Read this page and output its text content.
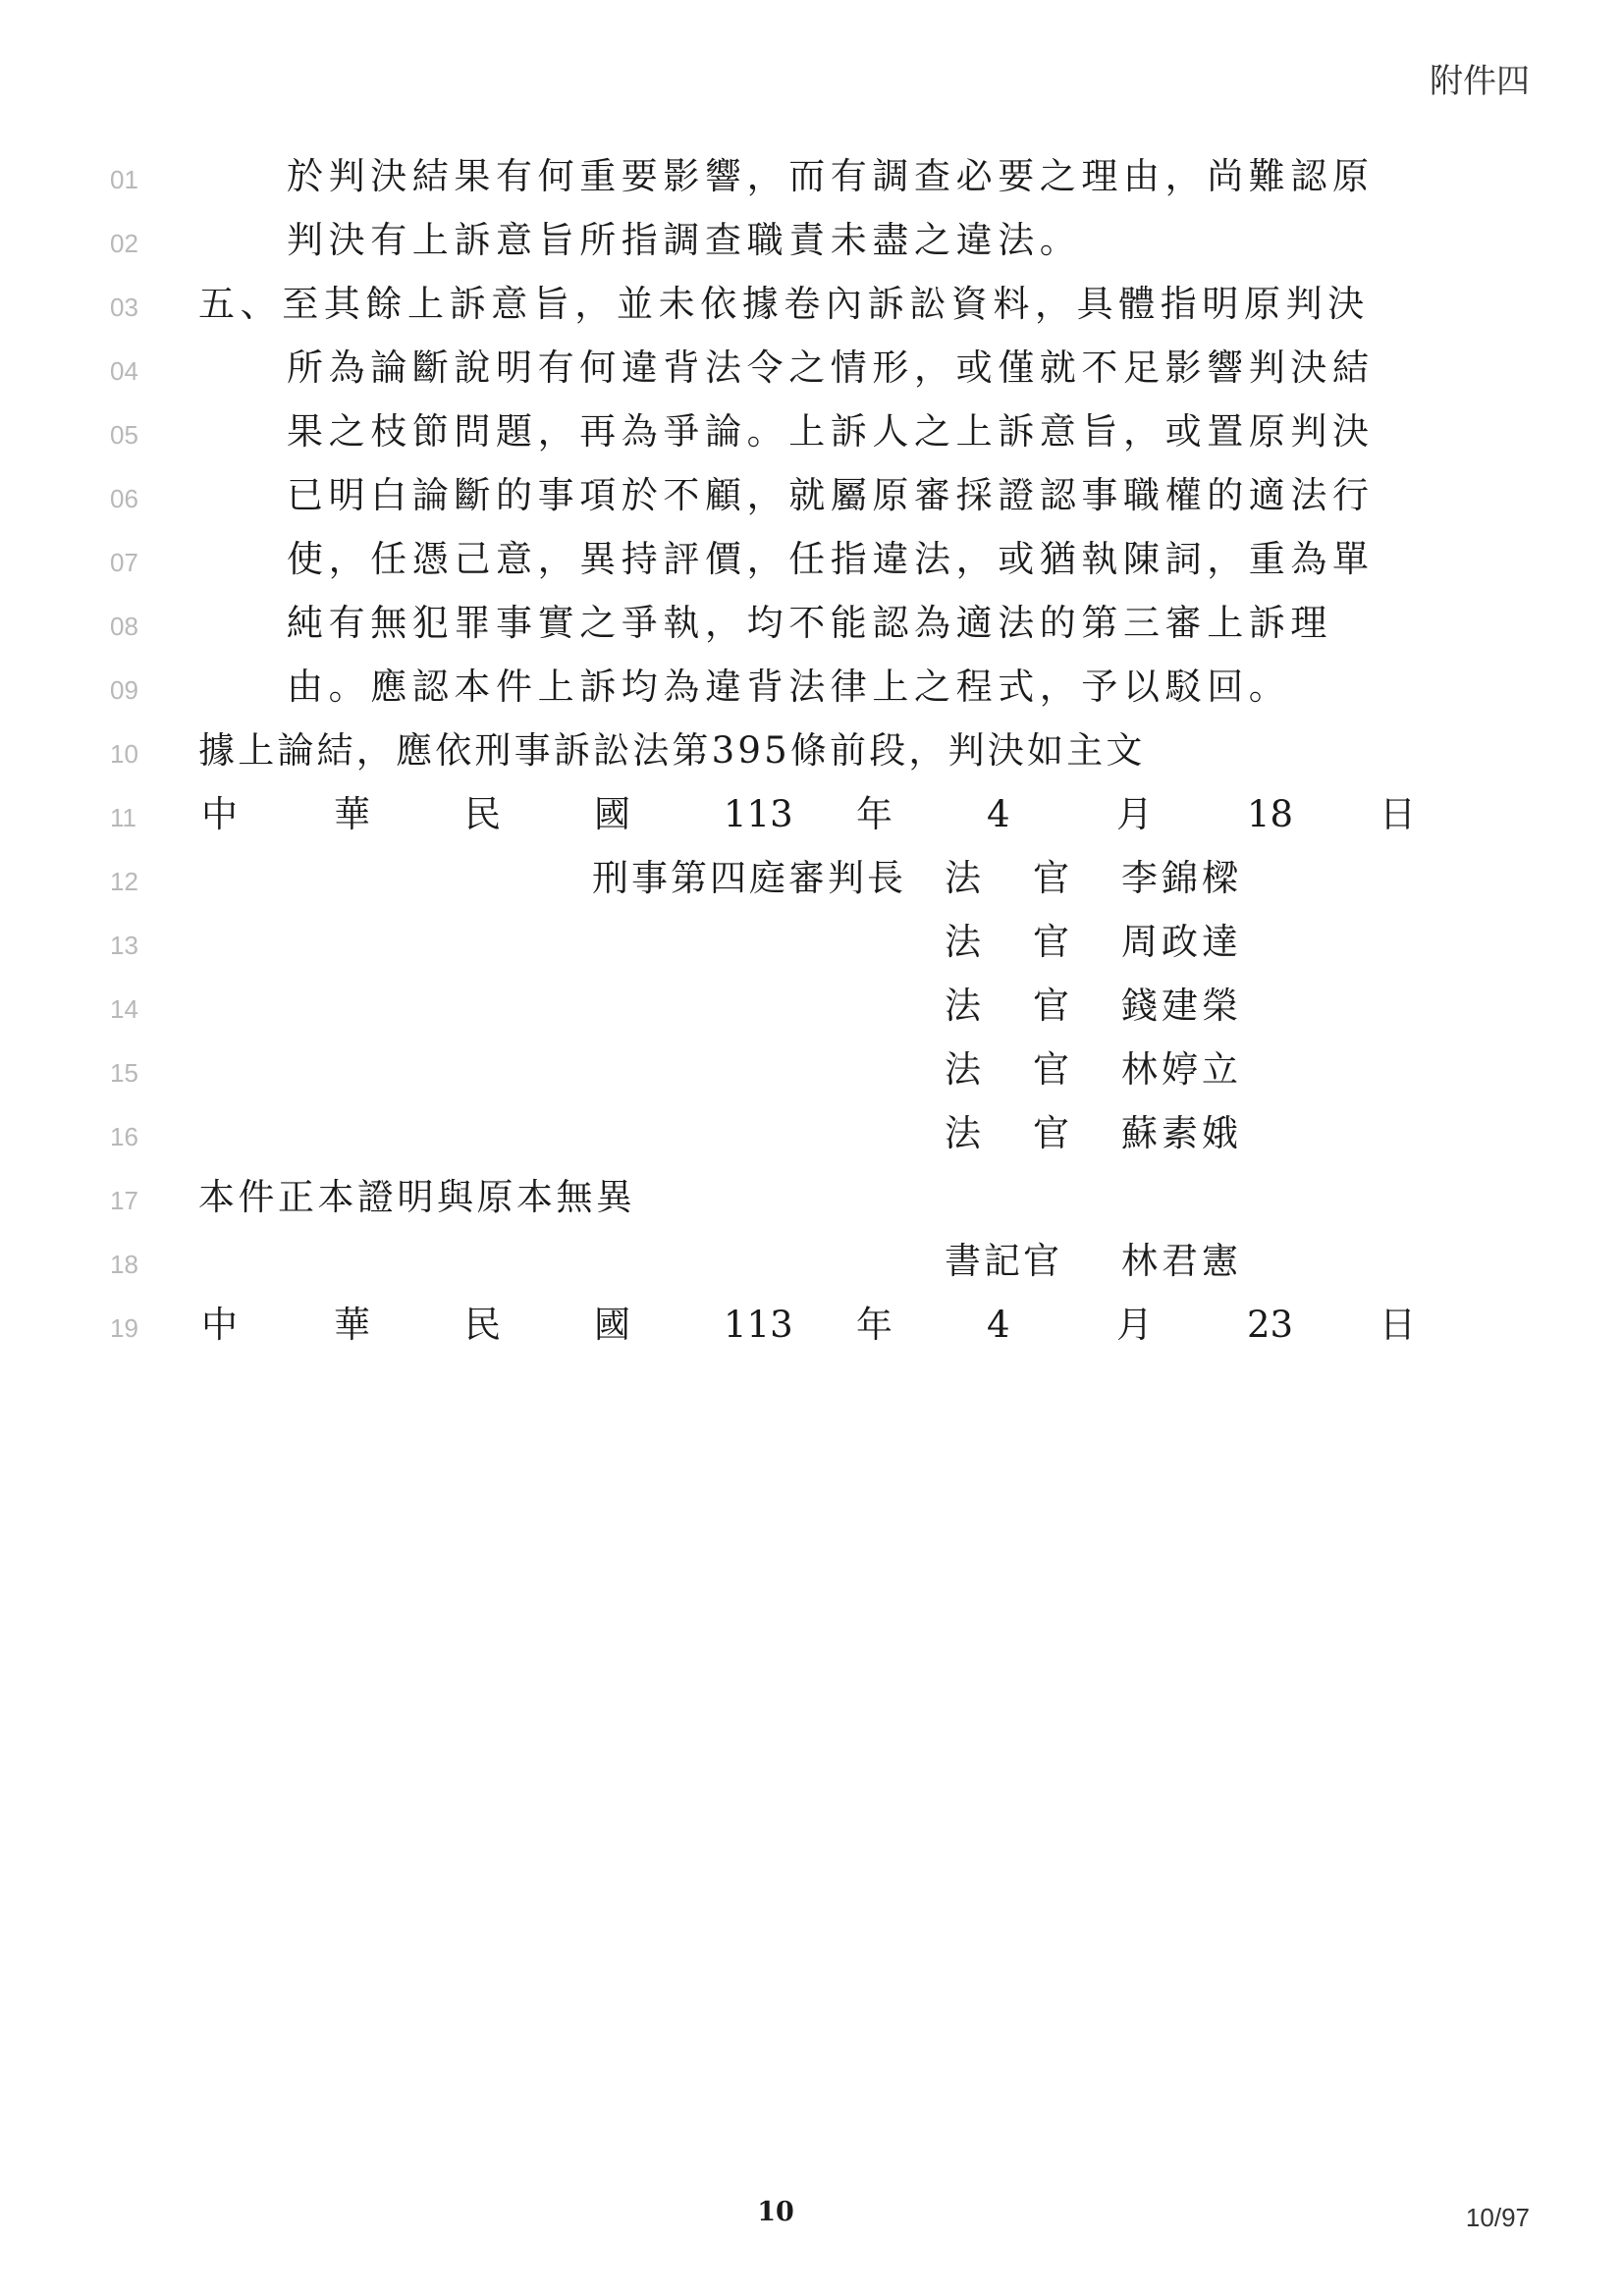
附件四
01	於判決結果有何重要影響，而有調查必要之理由，尚難認原
02	判決有上訴意旨所指調查職責未盡之違法。
03 五、至其餘上訴意旨，並未依據卷內訴訟資料，具體指明原判決
04	所為論斷說明有何違背法令之情形，或僅就不足影響判決結
05	果之枝節問題，再為爭論。上訴人之上訴意旨，或置原判決
06	已明白論斷的事項於不顧，就屬原審採證認事職權的適法行
07	使，任憑己意，異持評價，任指違法，或猶執陳詞，重為單
08	純有無犯罪事實之爭執，均不能認為適法的第三審上訴理
09	由。應認本件上訴均為違背法律上之程式，予以駁回。
10 據上論結，應依刑事訴訟法第395條前段，判決如主文
11 中	華	民	國	113 年	4	月	18 日
12	刑事第四庭審判長 法 官 李錦樑
13	法 官 周政達
14	法 官 錢建榮
15	法 官 林婷立
16	法 官 蘇素娥
17 本件正本證明與原本無異
18	書記官 林君憲
19 中	華	民	國	113 年	4	月	23 日
10	10/97
